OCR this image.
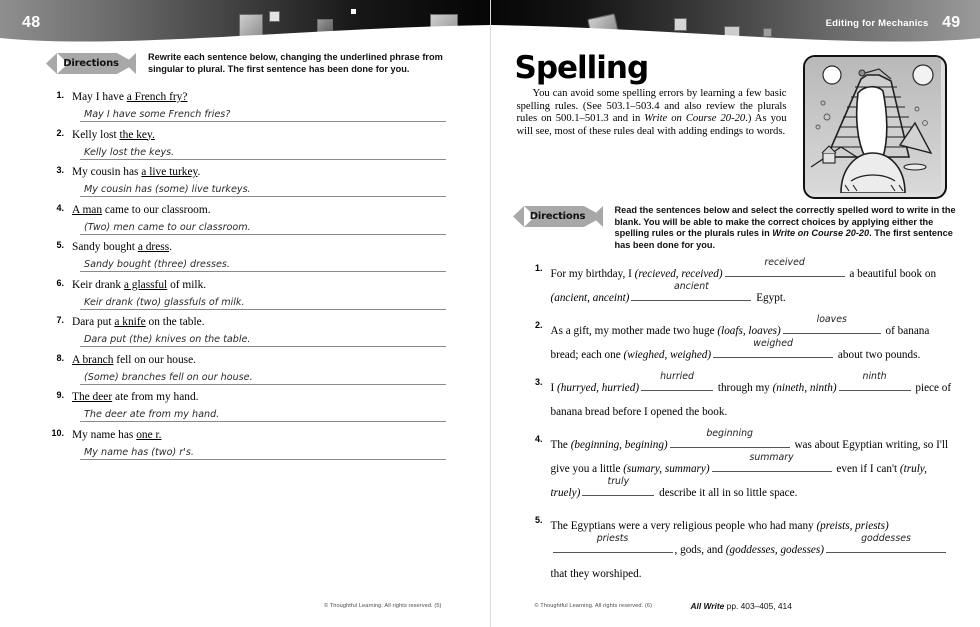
48
Directions
Rewrite each sentence below, changing the underlined phrase from singular to plural. The first sentence has been done for you.
1. May I have a French fry?
May I have some French fries?
2. Kelly lost the key.
Kelly lost the keys.
3. My cousin has a live turkey.
My cousin has (some) live turkeys.
4. A man came to our classroom.
(Two) men came to our classroom.
5. Sandy bought a dress.
Sandy bought (three) dresses.
6. Keir drank a glassful of milk.
Keir drank (two) glassfuls of milk.
7. Dara put a knife on the table.
Dara put (the) knives on the table.
8. A branch fell on our house.
(Some) branches fell on our house.
9. The deer ate from my hand.
The deer ate from my hand.
10. My name has one r.
My name has (two) r's.
© Thoughtful Learning. All rights reserved. (5)
Editing for Mechanics 49
Spelling
You can avoid some spelling errors by learning a few basic spelling rules. (See 503.1–503.4 and also review the plurals rules on 500.1–501.3 and in Write on Course 20-20.) As you will see, most of these rules deal with adding endings to words.
Directions
Read the sentences below and select the correctly spelled word to write in the blank. You will be able to make the correct choices by applying either the spelling rules or the plurals rules in Write on Course 20-20. The first sentence has been done for you.
1. For my birthday, I (recieved, received)
received
a beautiful book on (ancient, anceint)
ancient
Egypt.
2. As a gift, my mother made two huge (loafs, loaves)
loaves
of banana bread; each one (wieghed, weighed)
weighed
about two pounds.
3. I (hurryed, hurried)
hurried
through my (nineth, ninth)
ninth
piece of banana bread before I opened the book.
4. The (beginning, begining)
beginning
was about Egyptian writing, so I'll give you a little (sumary, summary)
summary
even if I can't (truly, truely)
truly
describe it all in so little space.
5. The Egyptians were a very religious people who had many (preists, priests)
priests
, gods, and (goddesses, godesses)
goddesses
that they worshiped.
© Thoughtful Learning. All rights reserved. (6)	All Write pp. 403–405, 414
